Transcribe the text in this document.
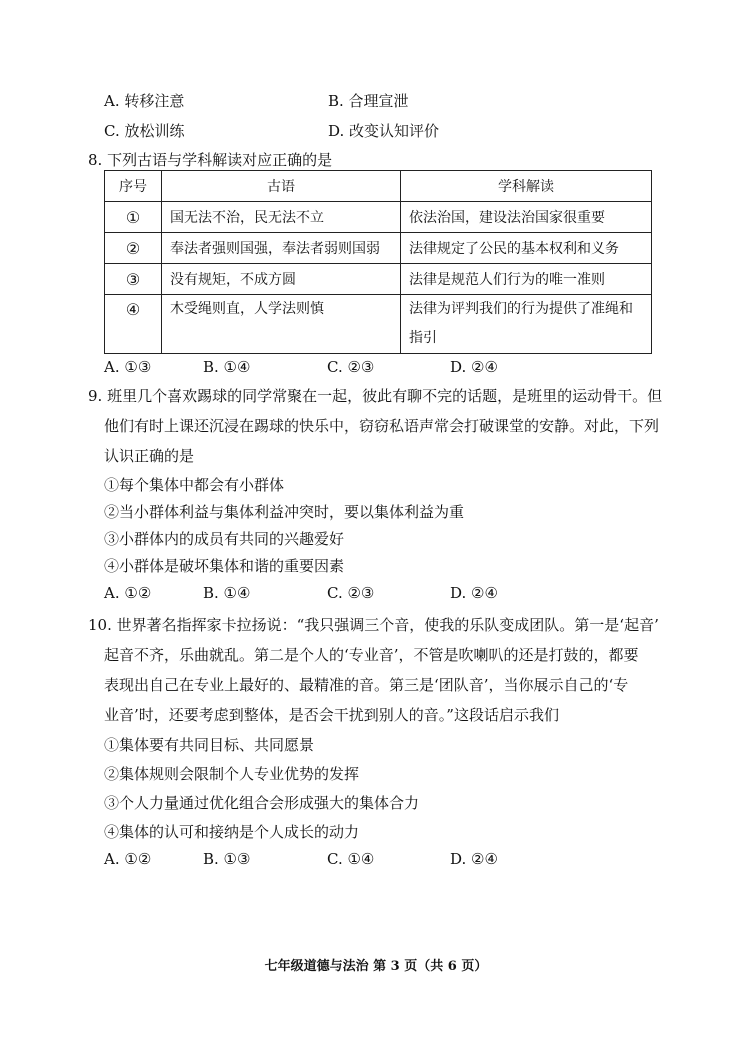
A. 转移注意	B. 合理宣泄
C. 放松训练	D. 改变认知评价
8. 下列古语与学科解读对应正确的是
序号	古语	学科解读
①	国无法不治，民无法不立	依法治国，建设法治国家很重要
②	奉法者强则国强，奉法者弱则国弱	法律规定了公民的基本权利和义务
③	没有规矩，不成方圆	法律是规范人们行为的唯一准则
④	木受绳则直，人学法则慎	法律为评判我们的行为提供了准绳和指引
A. ①③	B. ①④	C. ②③	D. ②④
9. 班里几个喜欢踢球的同学常聚在一起，彼此有聊不完的话题，是班里的运动骨干。但
他们有时上课还沉浸在踢球的快乐中，窃窃私语声常会打破课堂的安静。对此，下列
认识正确的是
①每个集体中都会有小群体
②当小群体利益与集体利益冲突时，要以集体利益为重
③小群体内的成员有共同的兴趣爱好
④小群体是破坏集体和谐的重要因素
A. ①②	B. ①④	C. ②③	D. ②④
10. 世界著名指挥家卡拉扬说：“我只强调三个音，使我的乐队变成团队。第一是‘起音’
起音不齐，乐曲就乱。第二是个人的‘专业音’，不管是吹喇叭的还是打鼓的，都要
表现出自己在专业上最好的、最精准的音。第三是‘团队音’，当你展示自己的‘专
业音’时，还要考虑到整体，是否会干扰到别人的音。”这段话启示我们
①集体要有共同目标、共同愿景
②集体规则会限制个人专业优势的发挥
③个人力量通过优化组合会形成强大的集体合力
④集体的认可和接纳是个人成长的动力
A. ①②	B. ①③	C. ①④	D. ②④
七年级道德与法治 第 3 页（共 6 页）
